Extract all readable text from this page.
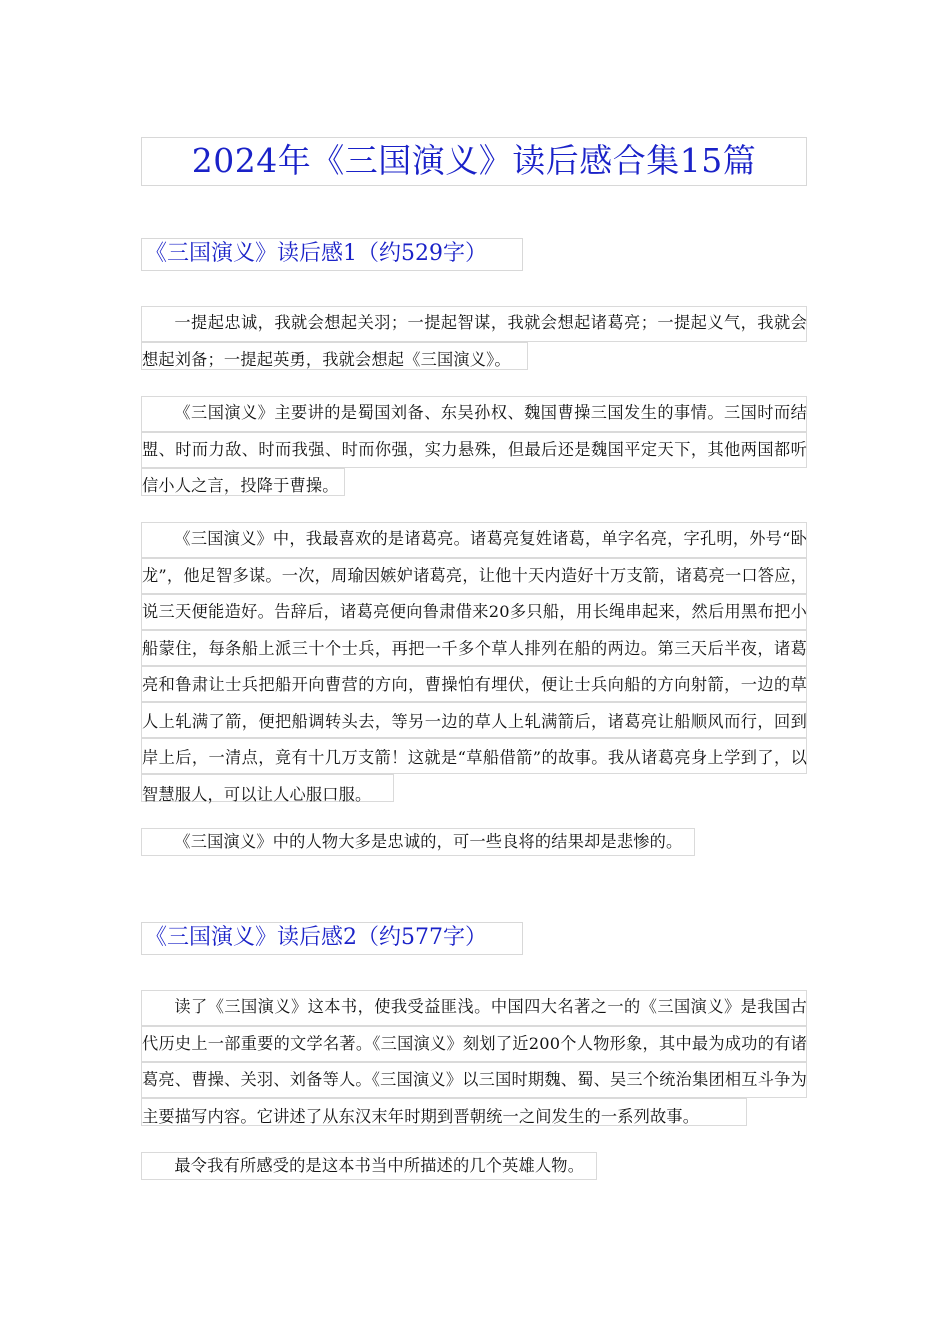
2024年《三国演义》读后感合集15篇
《三国演义》读后感1（约529字）
一提起忠诚，我就会想起关羽；一提起智谋，我就会想起诸葛亮；一提起义气，我就会想起刘备；一提起英勇，我就会想起《三国演义》。
《三国演义》主要讲的是蜀国刘备、东吴孙权、魏国曹操三国发生的事情。三国时而结盟、时而力敌、时而我强、时而你强，实力悬殊，但最后还是魏国平定天下，其他两国都听信小人之言，投降于曹操。
《三国演义》中，我最喜欢的是诸葛亮。诸葛亮复姓诸葛，单字名亮，字孔明，外号“卧龙”，他足智多谋。一次，周瑜因嫉妒诸葛亮，让他十天内造好十万支箭，诸葛亮一口答应，说三天便能造好。告辞后，诸葛亮便向鲁肃借来20多只船，用长绳串起来，然后用黑布把小船蒙住，每条船上派三十个士兵，再把一千多个草人排列在船的两边。第三天后半夜，诸葛亮和鲁肃让士兵把船开向曹营的方向，曹操怕有埋伏，便让士兵向船的方向射箭，一边的草人上轧满了箭，便把船调转头去，等另一边的草人上轧满箭后，诸葛亮让船顺风而行，回到岸上后，一清点，竟有十几万支箭！这就是“草船借箭”的故事。我从诸葛亮身上学到了，以智慧服人，可以让人心服口服。
《三国演义》中的人物大多是忠诚的，可一些良将的结果却是悲惨的。
《三国演义》读后感2（约577字）
读了《三国演义》这本书，使我受益匪浅。中国四大名著之一的《三国演义》是我国古代历史上一部重要的文学名著。《三国演义》刻划了近200个人物形象，其中最为成功的有诸葛亮、曹操、关羽、刘备等人。《三国演义》以三国时期魏、蜀、吴三个统治集团相互斗争为主要描写内容。它讲述了从东汉末年时期到晋朝统一之间发生的一系列故事。
最令我有所感受的是这本书当中所描述的几个英雄人物。
